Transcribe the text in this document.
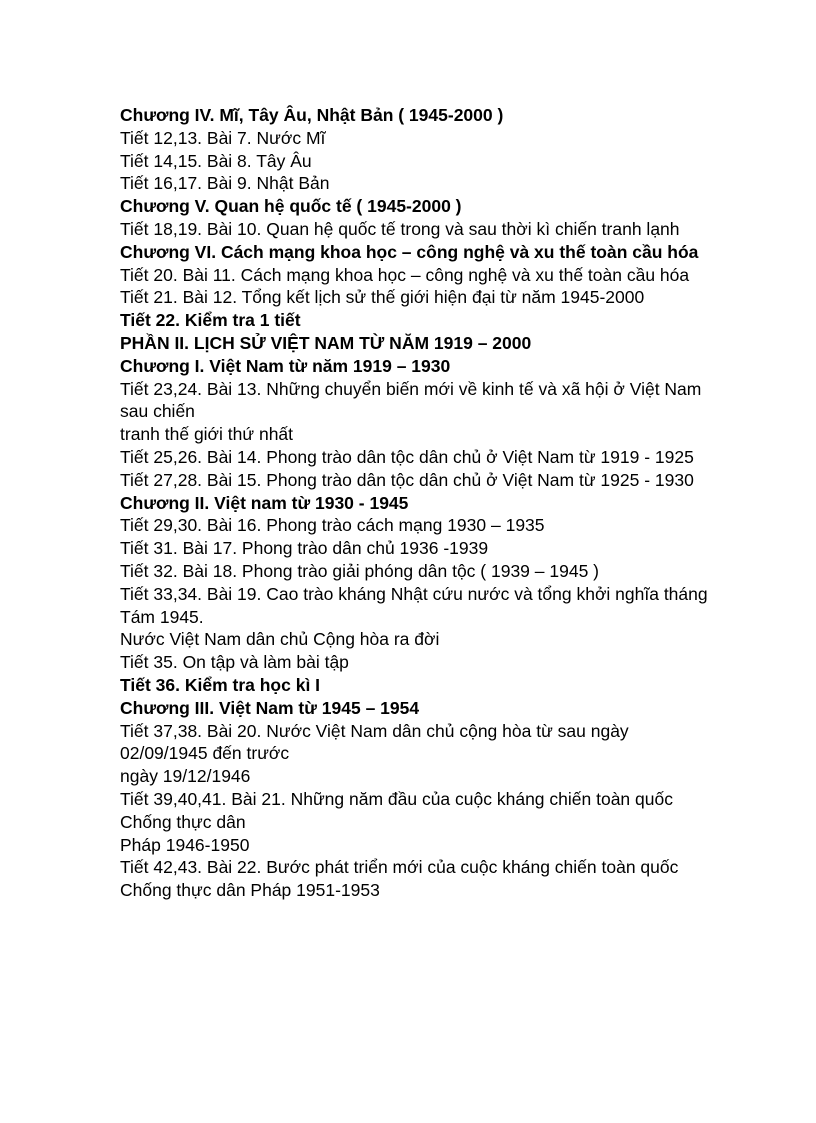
Chương IV. Mĩ, Tây Âu, Nhật Bản ( 1945-2000 )

Tiết 12,13. Bài 7. Nước Mĩ

Tiết 14,15. Bài 8. Tây Âu

Tiết 16,17. Bài 9. Nhật Bản

Chương V. Quan hệ quốc tế ( 1945-2000 )

Tiết 18,19. Bài 10. Quan hệ quốc tế trong và sau thời kì chiến tranh lạnh

Chương VI. Cách mạng khoa học – công nghệ và xu thế toàn cầu hóa

Tiết 20. Bài 11. Cách mạng khoa học – công nghệ và xu thế toàn cầu hóa

Tiết 21. Bài 12. Tổng kết lịch sử thế giới hiện đại từ năm 1945-2000

Tiết 22. Kiểm tra 1 tiết

PHẦN II. LỊCH SỬ VIỆT NAM TỪ NĂM 1919 – 2000

Chương I. Việt Nam từ năm 1919 – 1930

Tiết 23,24. Bài 13. Những chuyển biến mới về kinh tế và xã hội ở Việt Nam sau chiến

tranh thế giới thứ nhất

Tiết 25,26. Bài 14. Phong trào dân tộc dân chủ ở Việt Nam từ 1919 - 1925

Tiết 27,28. Bài 15. Phong trào dân tộc dân chủ ở Việt Nam từ 1925 - 1930

Chương II. Việt nam từ 1930 - 1945

Tiết 29,30. Bài 16. Phong trào cách mạng 1930 – 1935

Tiết 31. Bài 17. Phong trào dân chủ 1936 -1939

Tiết 32. Bài 18. Phong trào giải phóng dân tộc ( 1939 – 1945 )

Tiết 33,34. Bài 19. Cao trào kháng Nhật cứu nước và tổng khởi nghĩa tháng Tám 1945.

Nước Việt Nam dân chủ Cộng hòa ra đời

Tiết 35. On tập và làm bài tập

Tiết 36. Kiểm tra học kì I

Chương III. Việt Nam từ 1945 – 1954

Tiết 37,38. Bài 20. Nước Việt Nam dân chủ cộng hòa từ sau ngày 02/09/1945 đến trước

ngày 19/12/1946

Tiết 39,40,41. Bài 21. Những năm đầu của cuộc kháng chiến toàn quốc Chống thực dân

Pháp 1946-1950

Tiết 42,43. Bài 22. Bước phát triển mới của cuộc kháng chiến toàn quốc Chống thực dân Pháp 1951-1953
